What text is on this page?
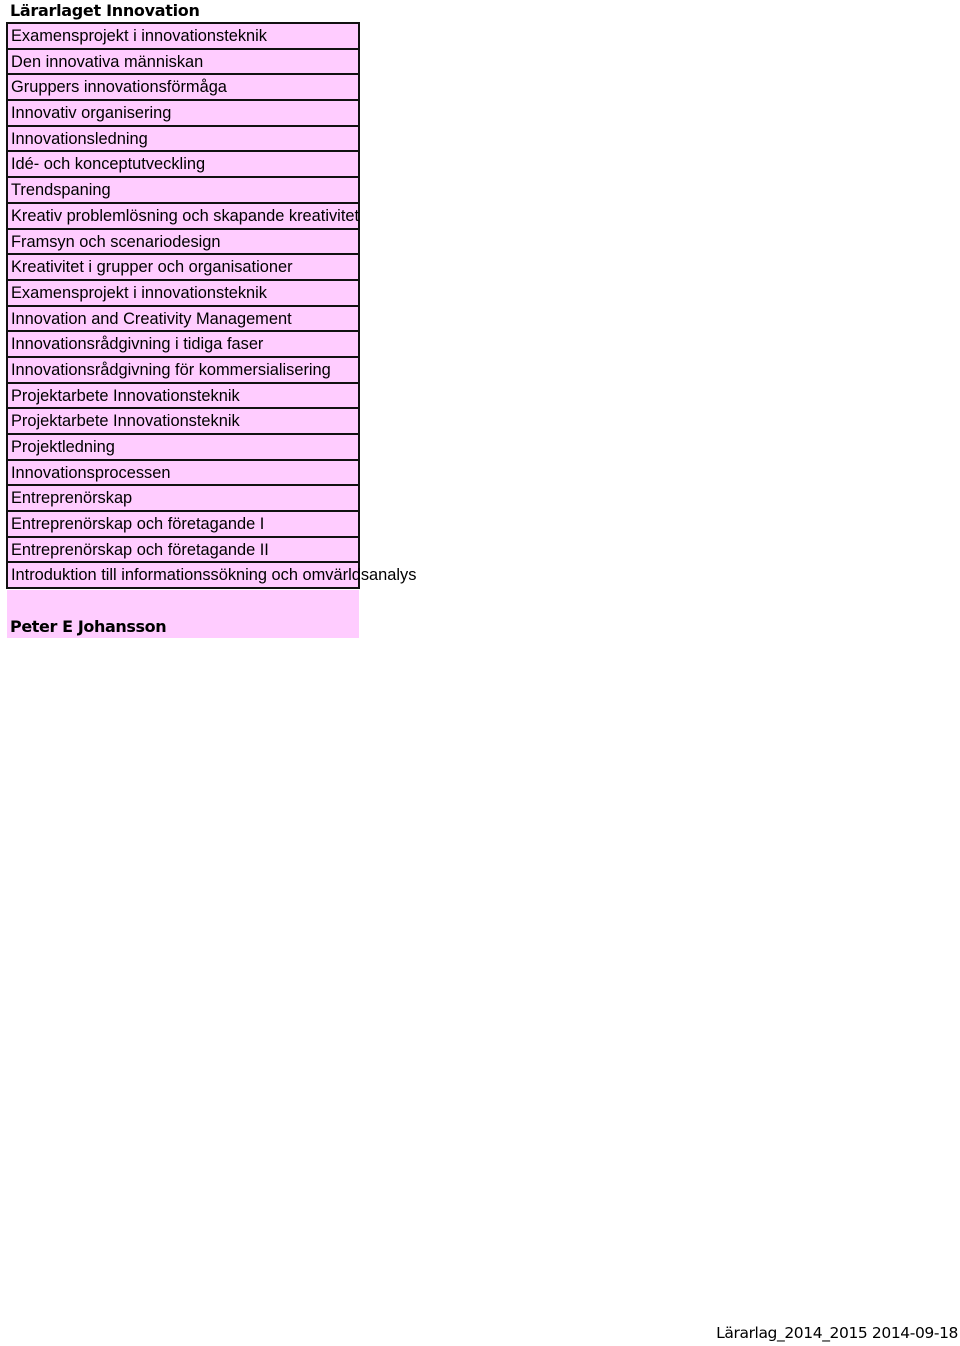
Lärarlaget Innovation
Examensprojekt i innovationsteknik
Den innovativa människan
Gruppers innovationsförmåga
Innovativ organisering
Innovationsledning
Idé- och konceptutveckling
Trendspaning
Kreativ problemlösning och skapande kreativitet
Framsyn och scenariodesign
Kreativitet i grupper och organisationer
Examensprojekt i innovationsteknik
Innovation and Creativity Management
Innovationsrådgivning i tidiga faser
Innovationsrådgivning för kommersialisering
Projektarbete Innovationsteknik
Projektarbete Innovationsteknik
Projektledning
Innovationsprocessen
Entreprenörskap
Entreprenörskap och företagande I
Entreprenörskap och företagande II
Introduktion till informationssökning och omvärldsanalys
Peter E Johansson
Lärarlag_2014_2015 2014-09-18
